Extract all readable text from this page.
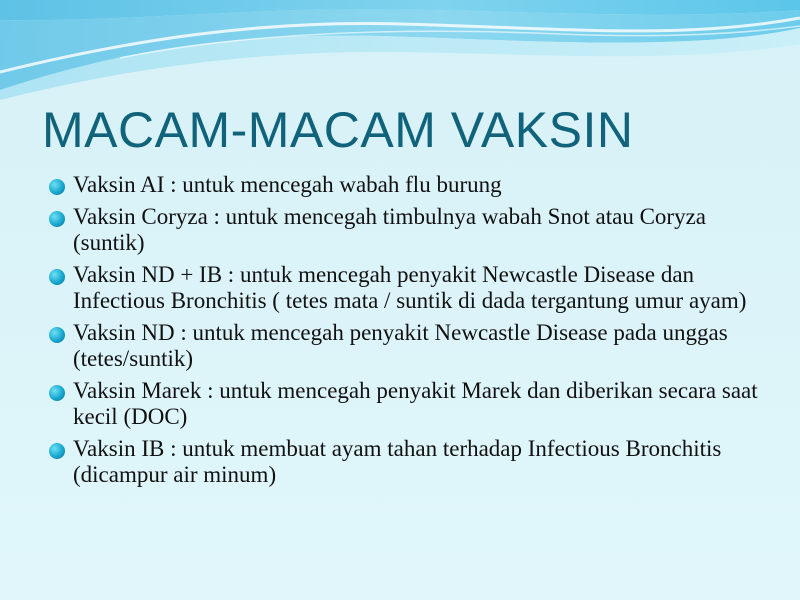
MACAM-MACAM VAKSIN
Vaksin AI : untuk mencegah wabah flu burung
Vaksin Coryza : untuk mencegah timbulnya wabah Snot atau Coryza (suntik)
Vaksin ND + IB : untuk mencegah penyakit Newcastle Disease dan Infectious Bronchitis ( tetes mata / suntik di dada tergantung umur ayam)
Vaksin ND : untuk mencegah penyakit Newcastle Disease pada unggas (tetes/suntik)
Vaksin Marek : untuk mencegah penyakit Marek dan diberikan secara saat kecil (DOC)
Vaksin IB : untuk membuat ayam tahan terhadap Infectious Bronchitis (dicampur air minum)
